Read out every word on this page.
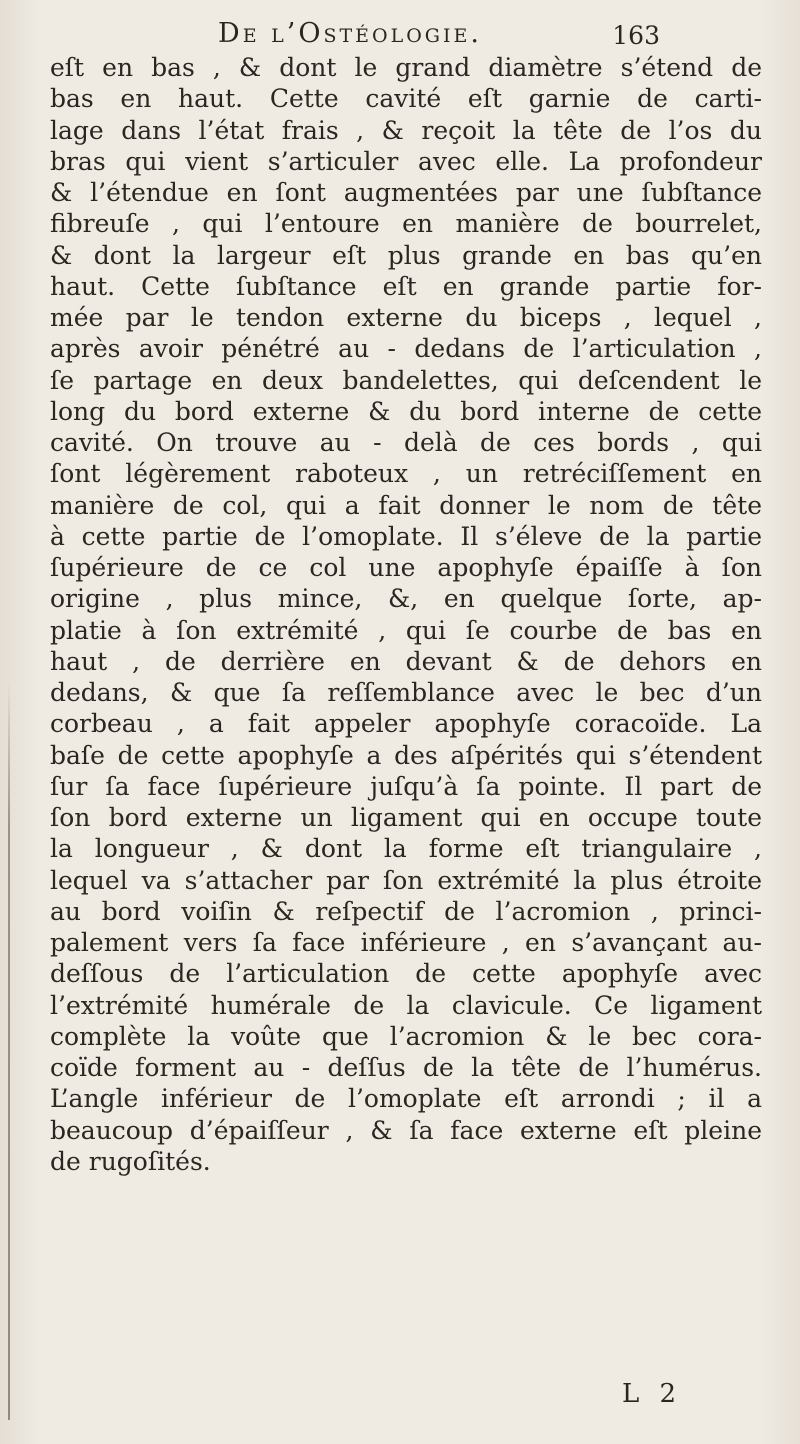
De l’Ostéologie.	163
eſt en bas , & dont le grand diamètre s’étend de
bas en haut. Cette cavité eſt garnie de carti-
lage dans l’état frais , & reçoit la tête de l’os du
bras qui vient s’articuler avec elle. La profondeur
& l’étendue en ſont augmentées par une ſubſtance
fibreuſe , qui l’entoure en manière de bourrelet,
& dont la largeur eſt plus grande en bas qu’en
haut. Cette ſubſtance eſt en grande partie for-
mée par le tendon externe du biceps , lequel ,
après avoir pénétré au - dedans de l’articulation ,
ſe partage en deux bandelettes, qui deſcendent le
long du bord externe & du bord interne de cette
cavité. On trouve au - delà de ces bords , qui
ſont légèrement raboteux , un retréciſſement en
manière de col, qui a fait donner le nom de tête
à cette partie de l’omoplate. Il s’éleve de la partie
ſupérieure de ce col une apophyſe épaiſſe à ſon
origine , plus mince, &, en quelque ſorte, ap-
platie à ſon extrémité , qui ſe courbe de bas en
haut , de derrière en devant & de dehors en
dedans, & que ſa reſſemblance avec le bec d’un
corbeau , a fait appeler apophyſe coracoïde. La
baſe de cette apophyſe a des aſpérités qui s’étendent
ſur ſa face ſupérieure juſqu’à ſa pointe. Il part de
ſon bord externe un ligament qui en occupe toute
la longueur , & dont la forme eſt triangulaire ,
lequel va s’attacher par ſon extrémité la plus étroite
au bord voiſin & reſpectif de l’acromion , princi-
palement vers ſa face inférieure , en s’avançant au-
deſſous de l’articulation de cette apophyſe avec
l’extrémité humérale de la clavicule. Ce ligament
complète la voûte que l’acromion & le bec cora-
coïde forment au - deſſus de la tête de l’humérus.
L’angle inférieur de l’omoplate eſt arrondi ; il a
beaucoup d’épaiſſeur , & ſa face externe eſt pleine
de rugoſités.
L 2
